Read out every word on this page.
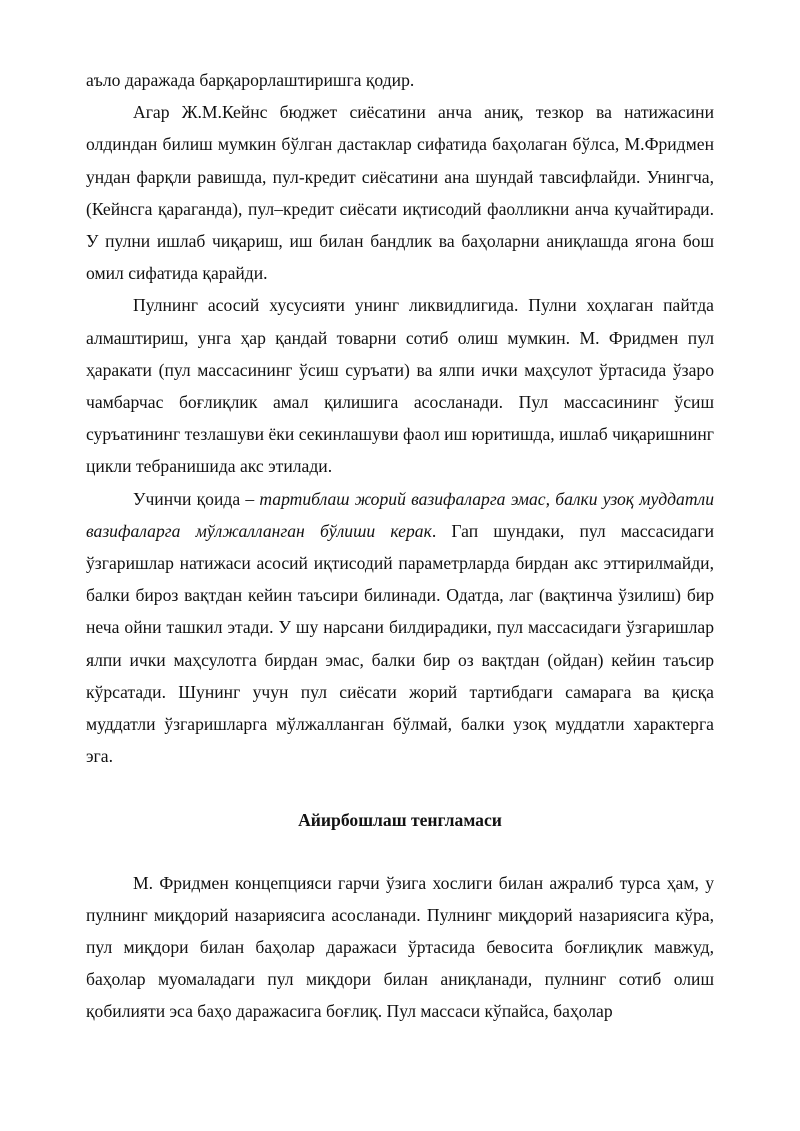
аъло даражада барқарорлаштиришга қодир.

Агар Ж.М.Кейнс бюджет сиёсатини анча аниқ, тезкор ва натижасини олдиндан билиш мумкин бўлган дастаклар сифатида баҳолаган бўлса, М.Фридмен ундан фарқли равишда, пул-кредит сиёсатини ана шундай тавсифлайди. Унингча, (Кейнсга қараганда), пул–кредит сиёсати иқтисодий фаолликни анча кучайтиради. У пулни ишлаб чиқариш, иш билан бандлик ва баҳоларни аниқлашда ягона бош омил сифатида қарайди.

Пулнинг асосий хусусияти унинг ликвидлигида. Пулни хоҳлаган пайтда алмаштириш, унга ҳар қандай товарни сотиб олиш мумкин. М. Фридмен пул ҳаракати (пул массасининг ўсиш суръати) ва ялпи ички маҳсулот ўртасида ўзаро чамбарчас боғлиқлик амал қилишига асосланади. Пул массасининг ўсиш суръатининг тезлашуви ёки секинлашуви фаол иш юритишда, ишлаб чиқаришнинг цикли тебранишида акс этилади.

Учинчи қоида – тартиблаш жорий вазифаларга эмас, балки узоқ муддатли вазифаларга мўлжалланган бўлиши керак. Гап шундаки, пул массасидаги ўзгаришлар натижаси асосий иқтисодий параметрларда бирдан акс эттирилмайди, балки бироз вақтдан кейин таъсири билинади. Одатда, лаг (вақтинча ўзилиш) бир неча ойни ташкил этади. У шу нарсани билдирадики, пул массасидаги ўзгаришлар ялпи ички маҳсулотга бирдан эмас, балки бир оз вақтдан (ойдан) кейин таъсир кўрсатади. Шунинг учун пул сиёсати жорий тартибдаги самарага ва қисқа муддатли ўзгаришларга мўлжалланган бўлмай, балки узоқ муддатли характерга эга.

Айирбошлаш тенгламаси

М. Фридмен концепцияси гарчи ўзига хослиги билан ажралиб турса ҳам, у пулнинг миқдорий назариясига асосланади. Пулнинг миқдорий назариясига кўра, пул миқдори билан баҳолар даражаси ўртасида бевосита боғлиқлик мавжуд, баҳолар муомаладаги пул миқдори билан аниқланади, пулнинг сотиб олиш қобилияти эса баҳо даражасига боғлиқ. Пул массаси кўпайса, баҳолар
